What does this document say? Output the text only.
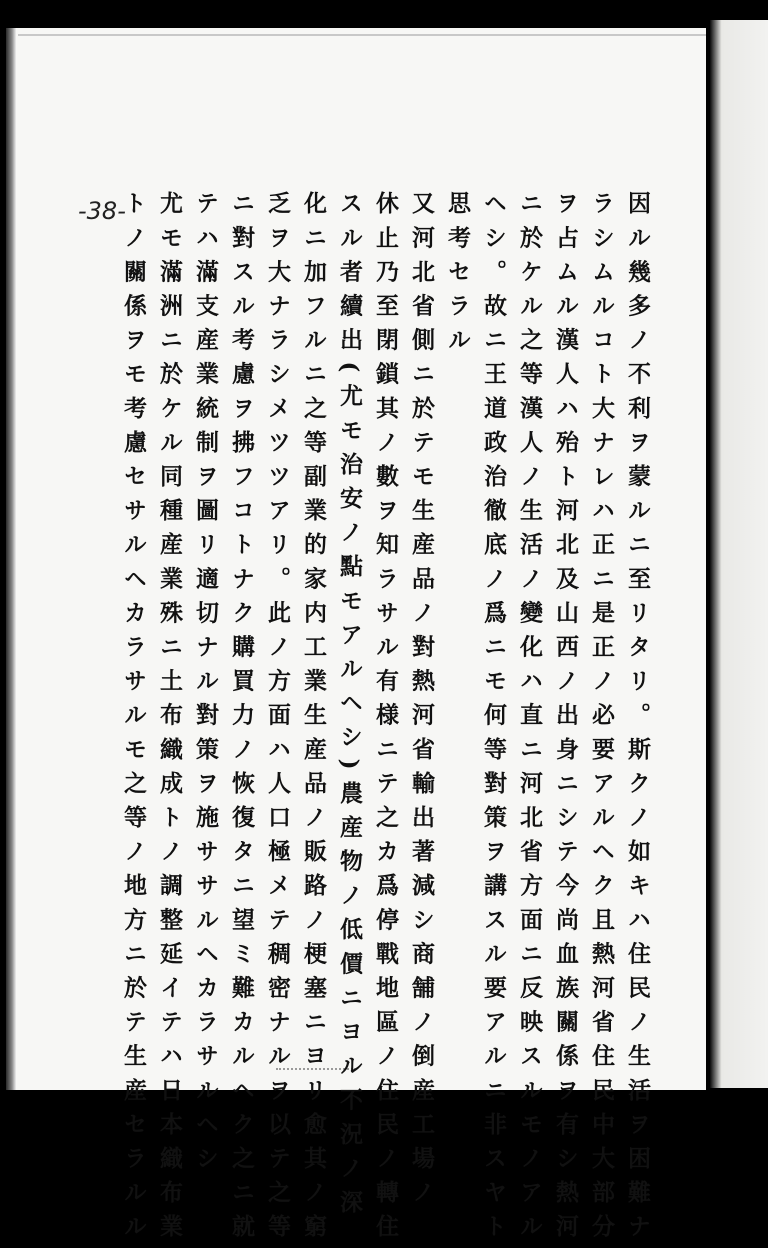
-38-	因ル幾多ノ不利ヲ蒙ルニ至リタリ。斯クノ如キハ住民ノ生活ヲ困難ナ
ラシムルコト大ナレハ正ニ是正ノ必要アルヘク且熱河省住民中大部分
ヲ占ムル漢人ハ殆ト河北及山西ノ出身ニシテ今尚血族關係ヲ有シ熱河
ニ於ケル之等漢人ノ生活ノ變化ハ直ニ河北省方面ニ反映スルモノアル
ヘシ。故ニ王道政治徹底ノ爲ニモ何等對策ヲ講スル要アルニ非スヤト
思考セラル
又河北省側ニ於テモ生産品ノ對熱河省輸出著減シ商舗ノ倒産工場ノ
休止乃至閉鎖其ノ數ヲ知ラサル有様ニテ之カ爲停戰地區ノ住民ノ轉住
スル者續出(尤モ治安ノ點モアルヘシ)農産物ノ低價ニヨル不況ノ深
化ニ加フルニ之等副業的家内工業生産品ノ販路ノ梗塞ニヨリ愈其ノ窮
乏ヲ大ナラシメツツアリ。此ノ方面ハ人口極メテ稠密ナルヲ以テ之等
ニ對スル考慮ヲ拂フコトナク購買力ノ恢復タニ望ミ難カルヘク之ニ就
テハ滿支産業統制ヲ圖リ適切ナル對策ヲ施ササルヘカラサルヘシ
尤モ滿洲ニ於ケル同種産業殊ニ土布織成トノ調整延イテハ日本織布業
トノ關係ヲモ考慮セサルヘカラサルモ之等ノ地方ニ於テ生産セラルル
